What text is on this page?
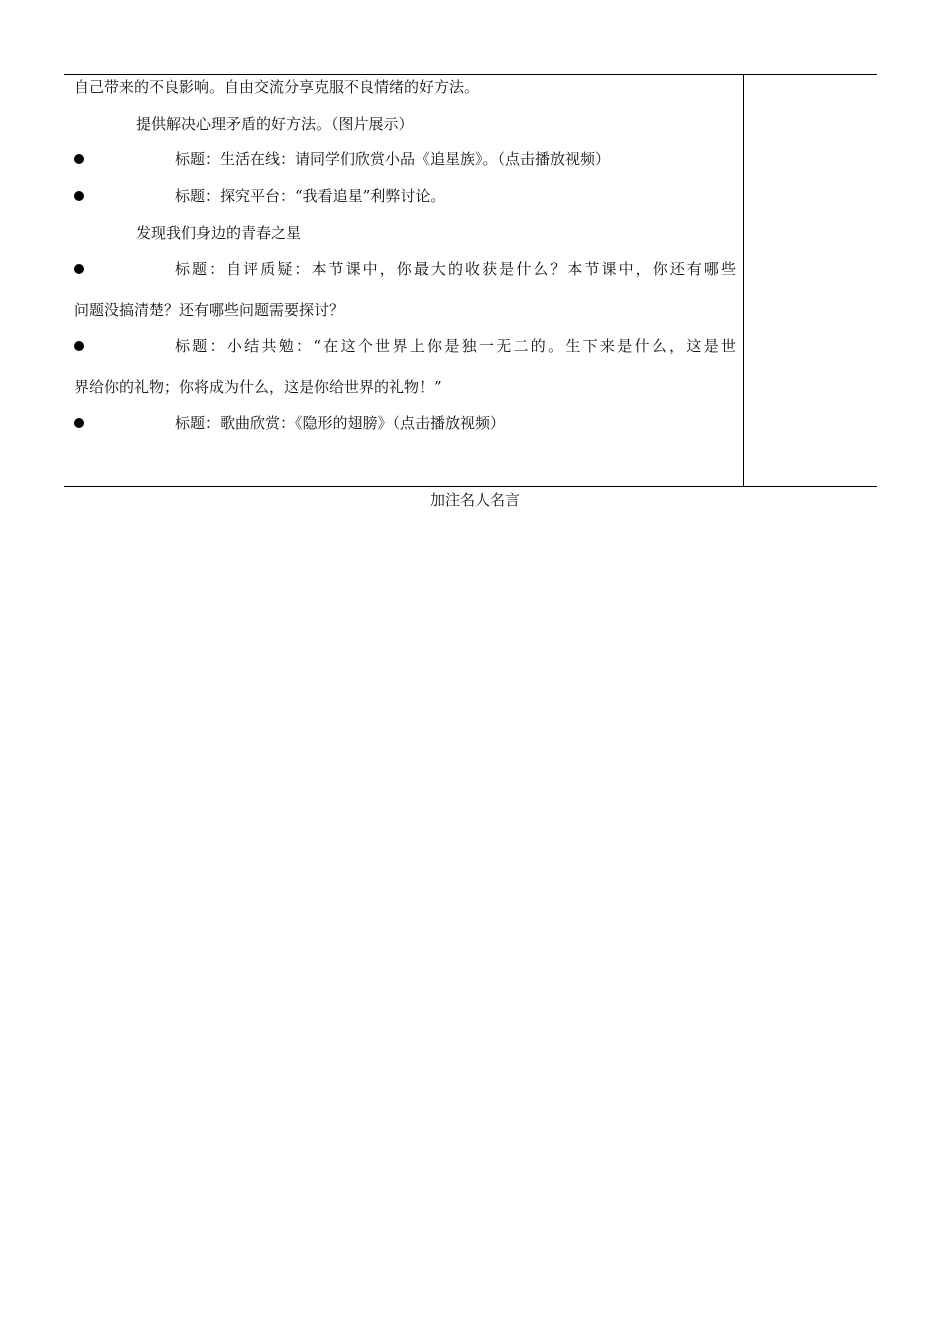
自己带来的不良影响。自由交流分享克服不良情绪的好方法。
提供解决心理矛盾的好方法。（图片展示）
标题：生活在线：请同学们欣赏小品《追星族》。（点击播放视频）
标题：探究平台：“我看追星”利弊讨论。
发现我们身边的青春之星
标题：自评质疑：本节课中，你最大的收获是什么？本节课中，你还有哪些
问题没搞清楚？还有哪些问题需要探讨？
标题：小结共勉：“在这个世界上你是独一无二的。生下来是什么，这是世
界给你的礼物；你将成为什么，这是你给世界的礼物！”
标题：歌曲欣赏：《隐形的翅膀》（点击播放视频）
加注名人名言
